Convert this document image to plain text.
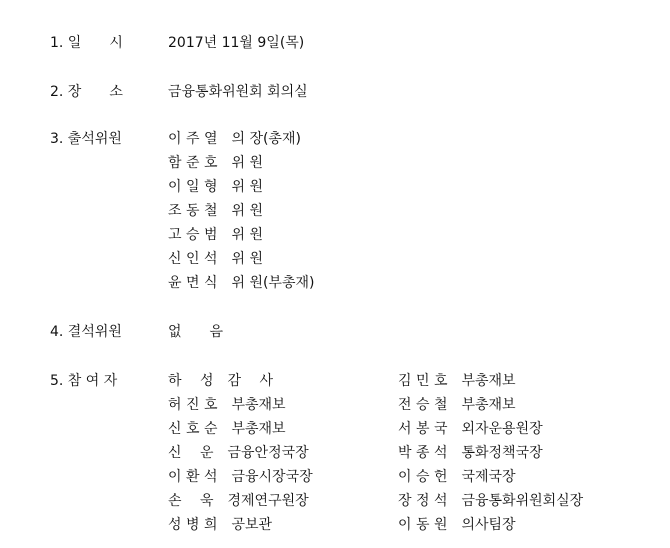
1. 일　　시	2017년 11월 9일(목)
2. 장　　소	금융통화위원회 회의실
3. 출석위원	이 주 열　의 장(총재)
함 준 호　위 원
이 일 형　위 원
조 동 철　위 원
고 승 범　위 원
신 인 석　위 원
윤 면 식　위 원(부총재)
4. 결석위원	없　　음
5. 참 여 자	하　 성　감　 사	김 민 호　부총재보
허 진 호　부총재보	전 승 철　부총재보
신 호 순　부총재보	서 봉 국　외자운용원장
신　 운　금융안정국장	박 종 석　통화정책국장
이 환 석　금융시장국장	이 승 헌　국제국장
손　 욱　경제연구원장	장 정 석　금융통화위원회실장
성 병 희　공보관	이 동 원　의사팀장
